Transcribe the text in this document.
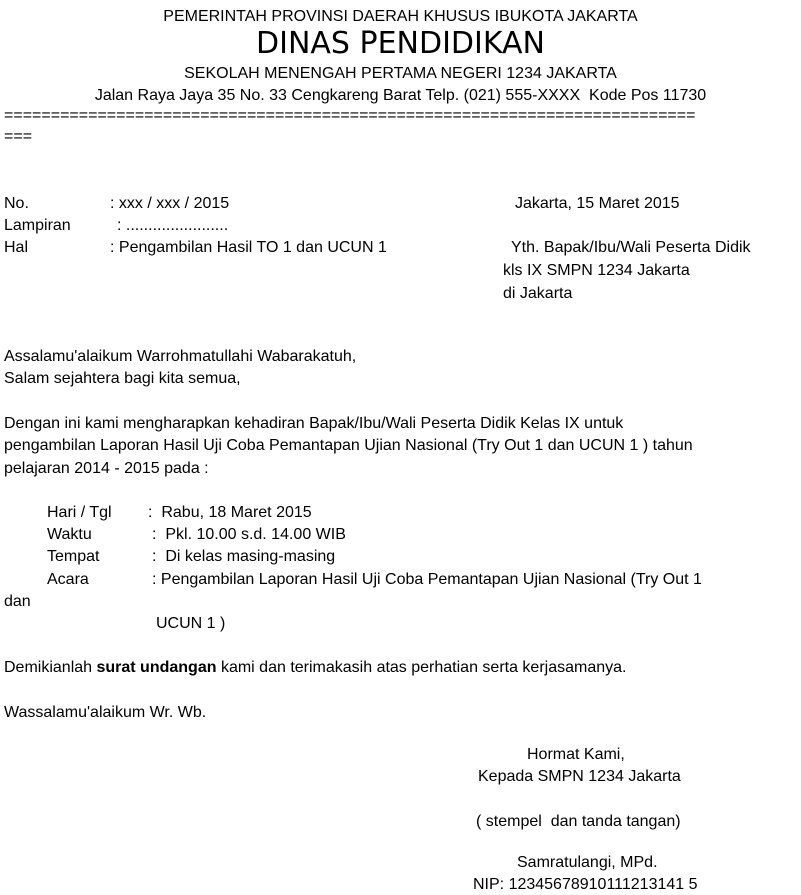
PEMERINTAH PROVINSI DAERAH KHUSUS IBUKOTA JAKARTA
DINAS PENDIDIKAN
SEKOLAH MENENGAH PERTAMA NEGERI 1234 JAKARTA
Jalan Raya Jaya 35 No. 33 Cengkareng Barat Telp. (021) 555-XXXX  Kode Pos 11730
==========================================================================
===
No.	: xxx / xxx / 2015
Lampiran	: .......................
Hal	: Pengambilan Hasil TO 1 dan UCUN 1
Jakarta, 15 Maret 2015
Yth. Bapak/Ibu/Wali Peserta Didik
kls IX SMPN 1234 Jakarta
di Jakarta
Assalamu'alaikum Warrohmatullahi Wabarakatuh,
Salam sejahtera bagi kita semua,
Dengan ini kami mengharapkan kehadiran Bapak/Ibu/Wali Peserta Didik Kelas IX untuk
pengambilan Laporan Hasil Uji Coba Pemantapan Ujian Nasional (Try Out 1 dan UCUN 1 ) tahun
pelajaran 2014 - 2015 pada :
Hari / Tgl :  Rabu, 18 Maret 2015
Waktu	:  Pkl. 10.00 s.d. 14.00 WIB
Tempat	:  Di kelas masing-masing
Acara	: Pengambilan Laporan Hasil Uji Coba Pemantapan Ujian Nasional (Try Out 1
dan
UCUN 1 )
Demikianlah surat undangan kami dan terimakasih atas perhatian serta kerjasamanya.
Wassalamu'alaikum Wr. Wb.
Hormat Kami,
Kepada SMPN 1234 Jakarta
( stempel  dan tanda tangan)
Samratulangi, MPd.
NIP: 12345678910111213141 5
